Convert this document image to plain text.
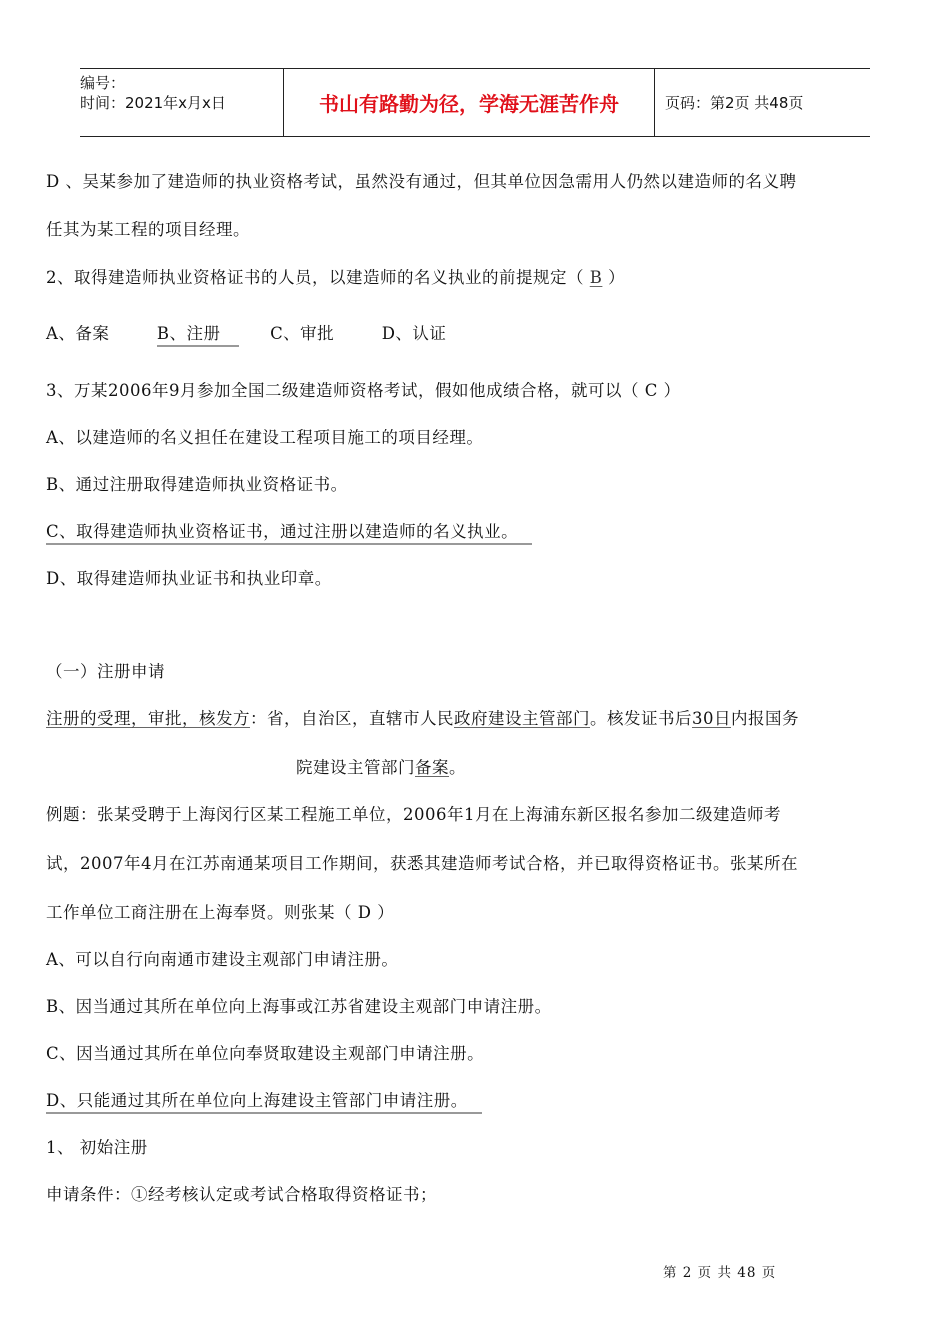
编号：
时间：2021年x月x日	书山有路勤为径，学海无涯苦作舟	页码：第2页 共48页
D 、吴某参加了建造师的执业资格考试，虽然没有通过，但其单位因急需用人仍然以建造师的名义聘
任其为某工程的项目经理。
2、取得建造师执业资格证书的人员，以建造师的名义执业的前提规定（ B ）
A、备案	B、注册	C、审批	D、认证
3、万某2006年9月参加全国二级建造师资格考试，假如他成绩合格，就可以（ C ）
A、以建造师的名义担任在建设工程项目施工的项目经理。
B、通过注册取得建造师执业资格证书。
C、取得建造师执业资格证书，通过注册以建造师的名义执业。
D、取得建造师执业证书和执业印章。
（一）注册申请
注册的受理，审批，核发方：省，自治区，直辖市人民政府建设主管部门。核发证书后30日内报国务
院建设主管部门备案。
例题：张某受聘于上海闵行区某工程施工单位，2006年1月在上海浦东新区报名参加二级建造师考
试，2007年4月在江苏南通某项目工作期间，获悉其建造师考试合格，并已取得资格证书。张某所在
工作单位工商注册在上海奉贤。则张某（ D ）
A、可以自行向南通市建设主观部门申请注册。
B、因当通过其所在单位向上海事或江苏省建设主观部门申请注册。
C、因当通过其所在单位向奉贤取建设主观部门申请注册。
D、只能通过其所在单位向上海建设主管部门申请注册。
1、 初始注册
申请条件：①经考核认定或考试合格取得资格证书；
第 2 页 共 48 页
